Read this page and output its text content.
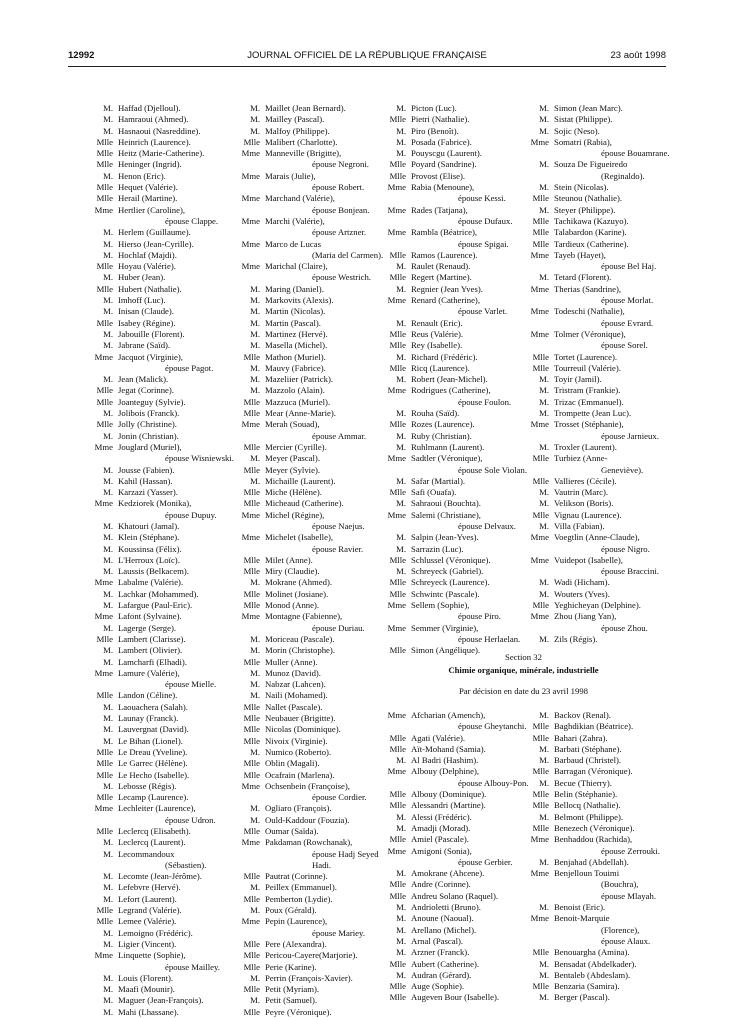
12992	JOURNAL OFFICIEL DE LA RÉPUBLIQUE FRANÇAISE	23 août 1998
M. Haffad (Djelloul).
M. Hamraoui (Ahmed).
M. Hasnaoui (Nasreddine).
Mlle Heinrich (Laurence).
Mlle Heitz (Marie-Catherine).
Mlle Heninger (Ingrid).
M. Henon (Eric).
Mlle Hequet (Valérie).
Mlle Herail (Martine).
Mme Hertlier (Caroline),
épouse Clappe.
M. Herlem (Guillaume).
M. Hierso (Jean-Cyrille).
M. Hochlaf (Majdi).
Mlle Hoyau (Valérie).
M. Huber (Jean).
Mlle Hubert (Nathalie).
M. Imhoff (Luc).
M. Inisan (Claude).
Mlle Isabey (Régine).
M. Jabouille (Florent).
M. Jabrane (Saïd).
Mme Jacquot (Virginie),
épouse Pagot.
M. Jean (Malick).
Mlle Jegat (Corinne).
Mlle Joanteguy (Sylvie).
M. Jolibois (Franck).
Mlle Jolly (Christine).
M. Jonin (Christian).
Mme Jouglard (Muriel),
épouse Wisniewski.
M. Jousse (Fabien).
M. Kahil (Hassan).
M. Karzazi (Yasser).
Mme Kedziorek (Monika),
épouse Dupuy.
M. Khatouri (Jamal).
M. Klein (Stéphane).
M. Koussinsa (Félix).
M. L'Herroux (Loïc).
M. Laussis (Belkacem).
Mme Labalme (Valérie).
M. Lachkar (Mohammed).
M. Lafargue (Paul-Eric).
Mme Lafont (Sylvaine).
M. Lagerge (Serge).
Mlle Lambert (Clarisse).
M. Lambert (Olivier).
M. Lamcharfi (Elhadi).
Mme Lamure (Valérie),
épouse Mielle.
Mlle Landon (Céline).
M. Laouachera (Salah).
M. Launay (Franck).
M. Lauvergnat (David).
M. Le Bihan (Lionel).
Mlle Le Dreau (Yveline).
Mlle Le Garrec (Hélène).
Mlle Le Hecho (Isabelle).
M. Lebosse (Régis).
Mlle Lecamp (Laurence).
Mme Lechleiter (Laurence),
épouse Udron.
Mlle Leclercq (Elisabeth).
M. Leclercq (Laurent).
M. Lecommandoux
(Sébastien).
M. Lecomte (Jean-Jérôme).
M. Lefebvre (Hervé).
M. Lefort (Laurent).
Mlle Legrand (Valérie).
Mlle Lemee (Valérie).
M. Lemoigno (Frédéric).
M. Ligier (Vincent).
Mme Linquette (Sophie),
épouse Mailley.
M. Louis (Florent).
M. Maafi (Mounir).
M. Maguer (Jean-François).
M. Mahi (Lhassane).
M. Maillet (Jean Bernard).
M. Mailley (Pascal).
M. Malfoy (Philippe).
Mlle Malibert (Charlotte).
Mme Manneville (Brigitte),
épouse Negroni.
Mme Marais (Julie),
épouse Robert.
Mme Marchand (Valérie),
épouse Bonjean.
Mme Marchi (Valérie),
épouse Artzner.
Mme Marco de Lucas
(Maria del Carmen).
Mme Marichal (Claire),
épouse Westrich.
M. Maring (Daniel).
M. Markovits (Alexis).
M. Martin (Nicolas).
M. Martin (Pascal).
M. Martinez (Hervé).
M. Masella (Michel).
Mlle Mathon (Muriel).
M. Mauvy (Fabrice).
M. Mazeliier (Patrick).
M. Mazzolo (Alain).
Mlle Mazzuca (Muriel).
Mlle Mear (Anne-Marie).
Mme Merah (Souad),
épouse Ammar.
Mlle Mercier (Cyrille).
M. Meyer (Pascal).
Mlle Meyer (Sylvie).
M. Michaille (Laurent).
Mlle Miche (Hélène).
Mlle Micheaud (Catherine).
Mme Michel (Régine),
épouse Naejus.
Mme Michelet (Isabelle),
épouse Ravier.
Mlle Milet (Anne).
Mlle Miry (Claudie).
M. Mokrane (Ahmed).
Mlle Molinet (Josiane).
Mlle Monod (Anne).
Mme Montagne (Fabienne),
épouse Duriau.
M. Moriceau (Pascale).
M. Morin (Christophe).
Mlle Muller (Anne).
M. Munoz (David).
M. Nabzar (Lahcen).
M. Naili (Mohamed).
Mlle Nallet (Pascale).
Mlle Neubauer (Brigitte).
Mlle Nicolas (Dominique).
Mlle Nivoix (Virginie).
M. Numico (Roberto).
Mlle Oblin (Magali).
Mlle Ocafrain (Marlena).
Mme Ochsenbein (Françoise),
épouse Cordier.
M. Ogliaro (François).
M. Ould-Kaddour (Fouzia).
Mlle Oumar (Saïda).
Mme Pakdaman (Rowchanak),
épouse Hadj Seyed
Hadi.
Mlle Pautrat (Corinne).
M. Peillex (Emmanuel).
Mlle Pemberton (Lydie).
M. Poux (Gérald).
Mme Pepin (Laurence),
épouse Mariey.
Mlle Pere (Alexandra).
Mlle Pericou-Cayere(Marjorie).
Mlle Perie (Karine).
M. Perrin (François-Xavier).
Mlle Petit (Myriam).
M. Petit (Samuel).
Mlle Peyre (Véronique).
M. Picton (Luc).
Mlle Pietri (Nathalie).
M. Piro (Benoît).
M. Posada (Fabrice).
M. Pouyscgu (Laurent).
Mlle Poyard (Sandrine).
Mlle Provost (Elise).
Mme Rabia (Menoune),
épouse Kessi.
Mme Rades (Tatjana),
épouse Dufaux.
Mme Rambla (Béatrice),
épouse Spigai.
Mlle Ramos (Laurence).
M. Raulet (Renaud).
Mlle Regert (Martine).
M. Regnier (Jean Yves).
Mme Renard (Catherine),
épouse Varlet.
M. Renault (Eric).
Mlle Reus (Valérie).
Mlle Rey (Isabelle).
M. Richard (Frédéric).
Mlle Ricq (Laurence).
M. Robert (Jean-Michel).
Mme Rodrigues (Catherine),
épouse Foulon.
M. Rouha (Saïd).
Mlle Rozes (Laurence).
M. Ruby (Christian).
M. Ruhlmann (Laurent).
Mme Sadtler (Véronique),
épouse Sole Violan.
M. Safar (Martial).
Mlle Safi (Ouafa).
M. Sahraoui (Bouchta).
Mme Salemi (Christiane),
épouse Delvaux.
M. Salpin (Jean-Yves).
M. Sarrazin (Luc).
Mlle Schlussel (Véronique).
M. Schreyeck (Gabriel).
Mlle Schreyeck (Laurence).
Mlle Schwintc (Pascale).
Mme Sellem (Sophie),
épouse Piro.
Mme Semmer (Virginie),
épouse Herlaelan.
Mlle Simon (Angélique).
M. Simon (Jean Marc).
M. Sistat (Philippe).
M. Sojic (Neso).
Mme Somatri (Rabia),
épouse Bouamrane.
M. Souza De Figueiredo
(Reginaldo).
M. Stein (Nicolas).
Mlle Steunou (Nathalie).
M. Steyer (Philippe).
Mlle Tachikawa (Kazuyo).
Mlle Talabardon (Karine).
Mlle Tardieux (Catherine).
Mme Tayeb (Hayet),
épouse Bel Haj.
M. Tetard (Florent).
Mme Therias (Sandrine),
épouse Morlat.
Mme Todeschi (Nathalie),
épouse Evrard.
Mme Tolmer (Véronique),
épouse Sorel.
Mlle Tortet (Laurence).
Mlle Tourreuil (Valérie).
M. Toyir (Jamil).
M. Tristram (Frankie).
M. Trizac (Emmanuel).
M. Trompette (Jean Luc).
Mme Trosset (Stéphanie),
épouse Jarnieux.
M. Troxler (Laurent).
Mlle Turbiez (Anne-
Geneviève).
Mlle Vallieres (Cécile).
M. Vautrin (Marc).
M. Velikson (Boris).
Mlle Vignau (Laurence).
M. Villa (Fabian).
Mme Voegtlin (Anne-Claude),
épouse Nigro.
Mme Vuidepot (Isabelle),
épouse Braccini.
M. Wadi (Hicham).
M. Wouters (Yves).
Mlle Yeghicheyan (Delphine).
Mme Zhou (Jiang Yan),
épouse Zhou.
M. Zils (Régis).
Section 32
Chimie organique, minérale, industrielle
Par décision en date du 23 avril 1998
Mme Afcharian (Amench),
épouse Gheytanchi.
Mlle Agati (Valérie).
Mlle Aït-Mohand (Samia).
M. Al Badri (Hashim).
Mme Albouy (Delphine),
épouse Albouy-Pon.
Mlle Albouy (Dominique).
Mlle Alessandri (Martine).
M. Alessi (Frédéric).
M. Amadji (Morad).
Mlle Amiel (Pascale).
Mme Amigoni (Sonia),
épouse Gerbier.
M. Amokrane (Ahcene).
Mlle Andre (Corinne).
Mlle Andreu Solano (Raquel).
M. Andrioletti (Bruno).
M. Anoune (Naoual).
M. Arellano (Michel).
M. Arnal (Pascal).
M. Arzner (Franck).
Mlle Aubert (Catherine).
M. Audran (Gérard).
Mlle Auge (Sophie).
Mlle Augeven Bour (Isabelle).
M. Backov (Renal).
Mlle Baghdikian (Béatrice).
Mlle Bahari (Zahra).
M. Barbati (Stéphane).
M. Barbaud (Christel).
Mlle Barragan (Véronique).
M. Becue (Thierry).
Mlle Belin (Stéphanie).
Mlle Bellocq (Nathalie).
M. Belmont (Philippe).
Mlle Benezech (Véronique).
Mme Benhaddou (Rachida),
épouse Zerrouki.
M. Benjahad (Abdellah).
Mme Benjelloun Touimi
(Bouchra),
épouse Mlayah.
M. Benoist (Eric).
Mme Benoit-Marquie
(Florence),
épouse Alaux.
Mlle Benouargha (Amina).
M. Bensadat (Abdelkader).
M. Bentaleb (Abdeslam).
Mlle Benzaria (Samira).
M. Berger (Pascal).
